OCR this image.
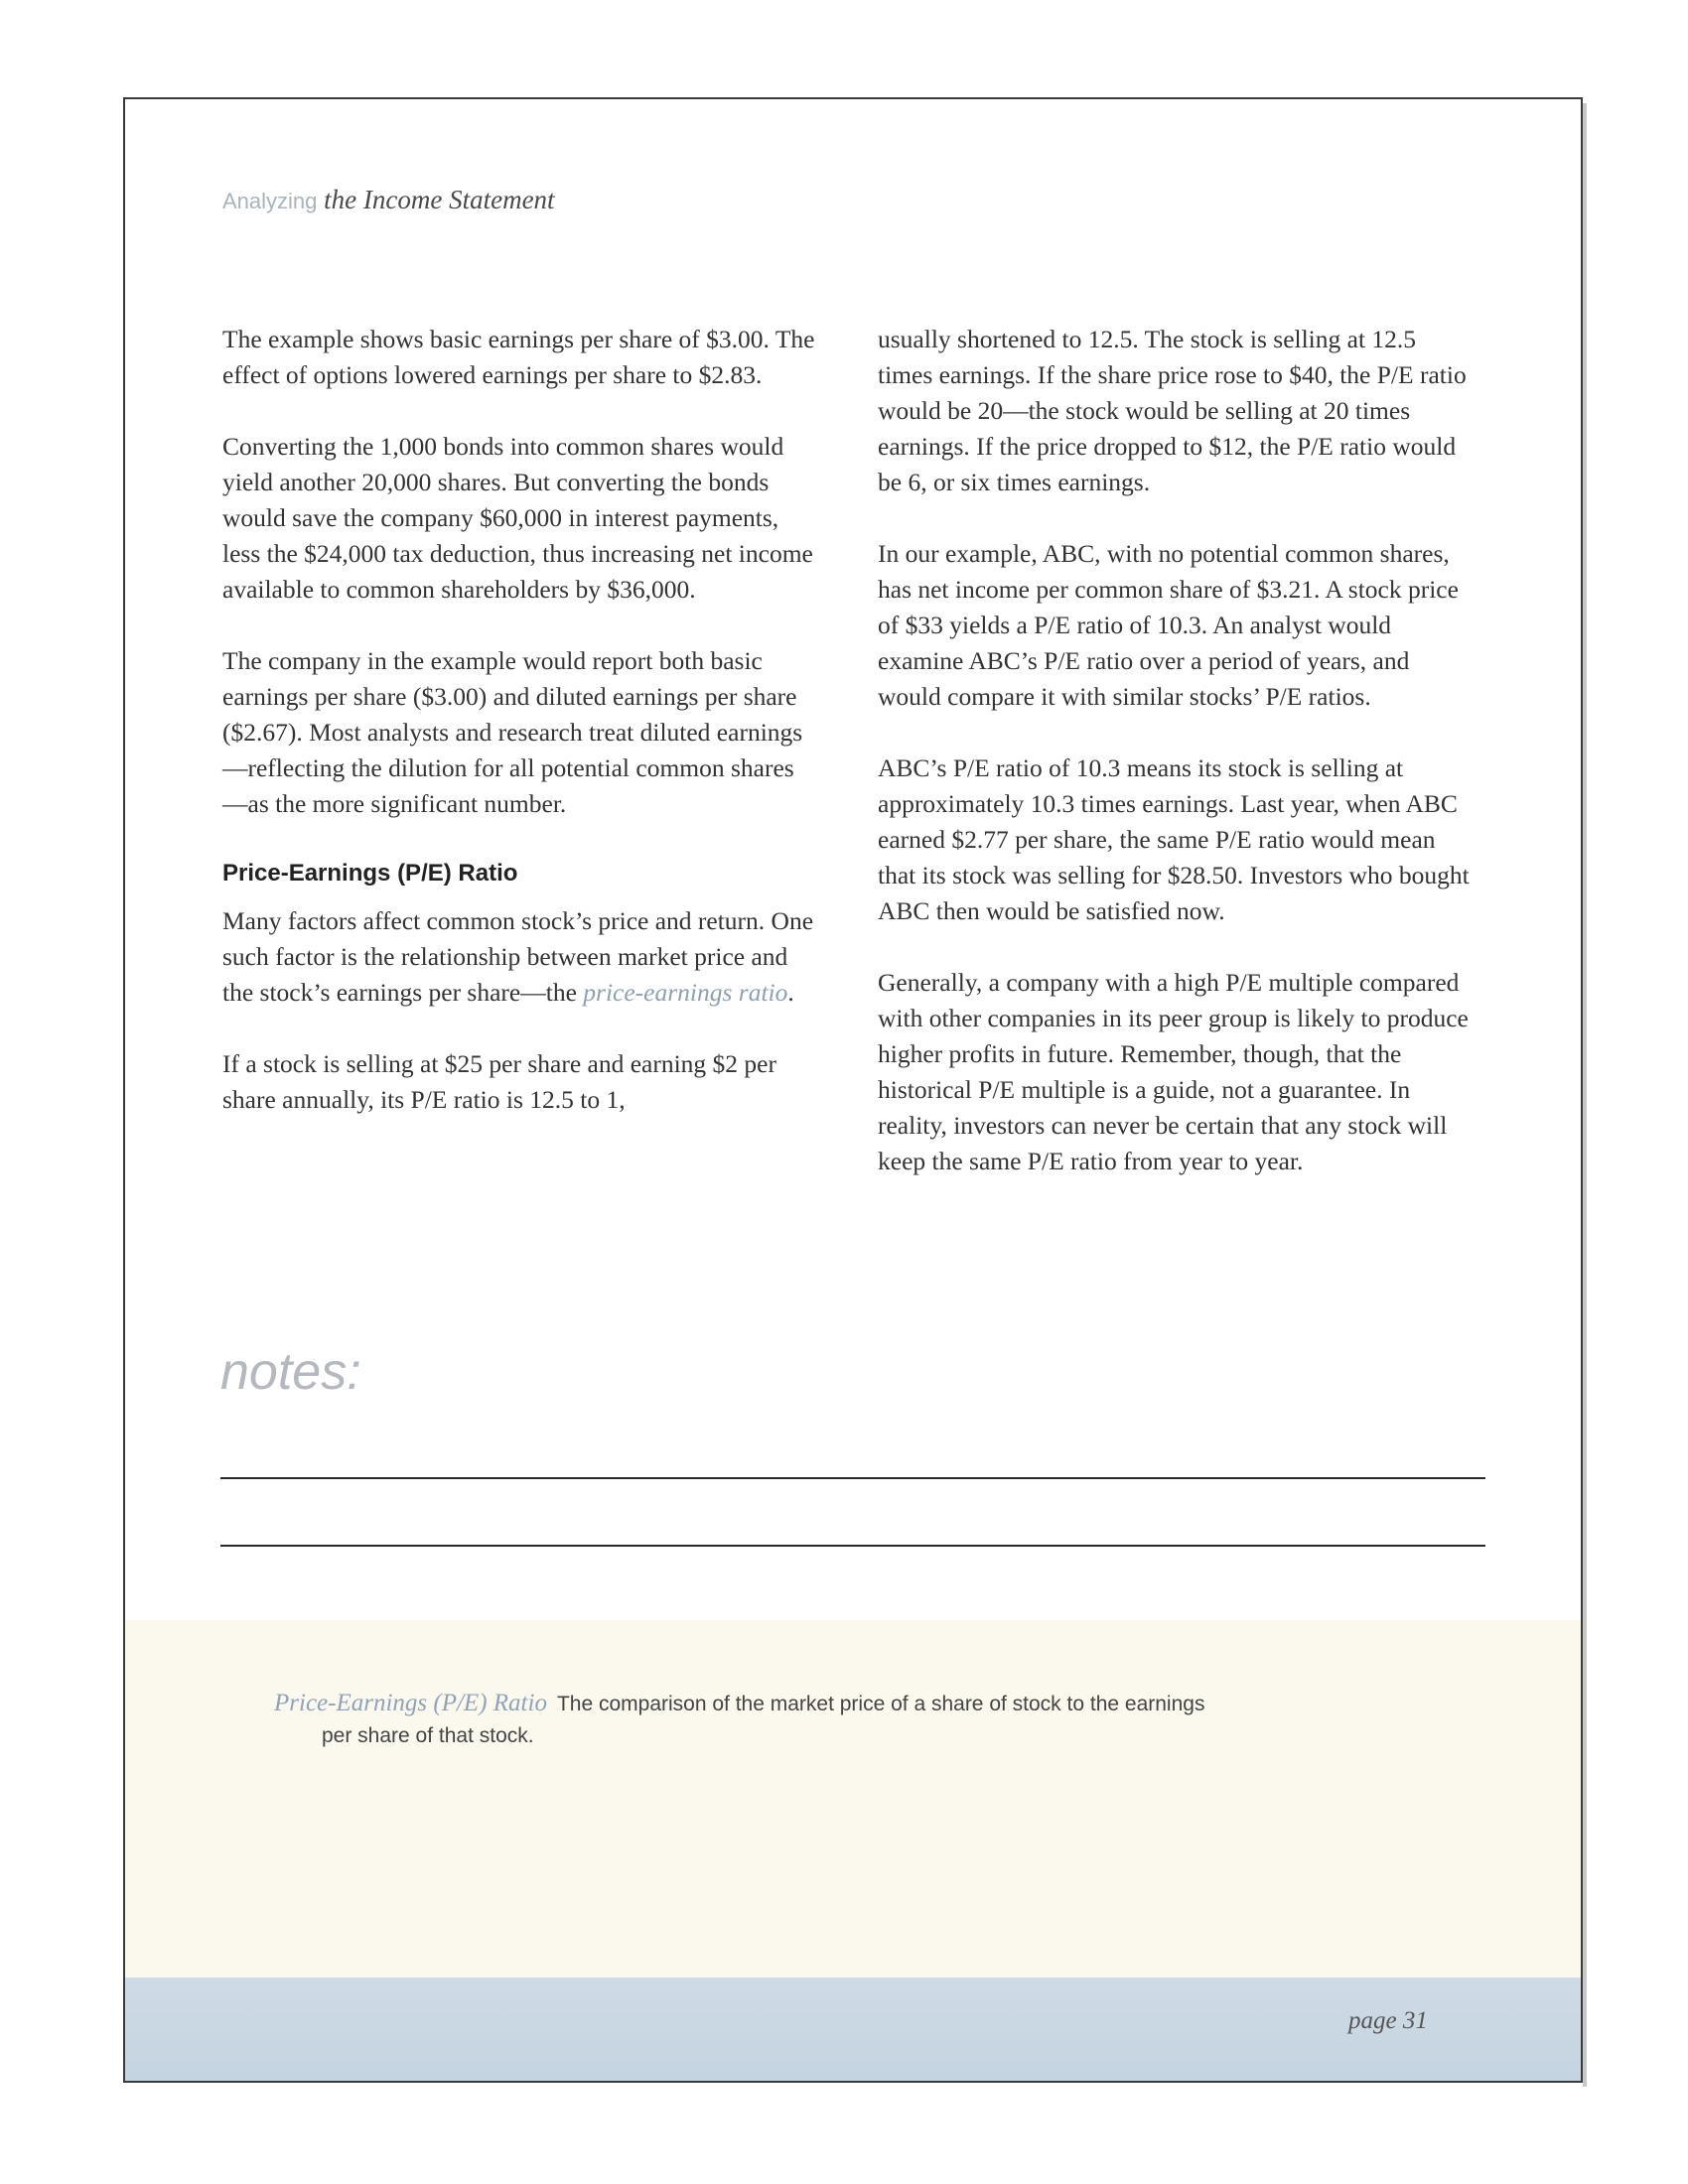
Analyzing the Income Statement

The example shows basic earnings per share of $3.00. The effect of options lowered earnings per share to $2.83.

Converting the 1,000 bonds into common shares would yield another 20,000 shares. But converting the bonds would save the company $60,000 in interest payments, less the $24,000 tax deduction, thus increasing net income available to common shareholders by $36,000.

The company in the example would report both basic earnings per share ($3.00) and diluted earnings per share ($2.67). Most analysts and research treat diluted earnings—reflecting the dilution for all potential common shares—as the more significant number.

Price-Earnings (P/E) Ratio

Many factors affect common stock’s price and return. One such factor is the relationship between market price and the stock’s earnings per share—the price-earnings ratio.

If a stock is selling at $25 per share and earning $2 per share annually, its P/E ratio is 12.5 to 1,

usually shortened to 12.5. The stock is selling at 12.5 times earnings. If the share price rose to $40, the P/E ratio would be 20—the stock would be selling at 20 times earnings. If the price dropped to $12, the P/E ratio would be 6, or six times earnings.

In our example, ABC, with no potential common shares, has net income per common share of $3.21. A stock price of $33 yields a P/E ratio of 10.3. An analyst would examine ABC’s P/E ratio over a period of years, and would compare it with similar stocks’ P/E ratios.

ABC’s P/E ratio of 10.3 means its stock is selling at approximately 10.3 times earnings. Last year, when ABC earned $2.77 per share, the same P/E ratio would mean that its stock was selling for $28.50. Investors who bought ABC then would be satisfied now.

Generally, a company with a high P/E multiple compared with other companies in its peer group is likely to produce higher profits in future. Remember, though, that the historical P/E multiple is a guide, not a guarantee. In reality, investors can never be certain that any stock will keep the same P/E ratio from year to year.

notes:
Price-Earnings (P/E) Ratio The comparison of the market price of a share of stock to the earnings
per share of that stock.
page 31
